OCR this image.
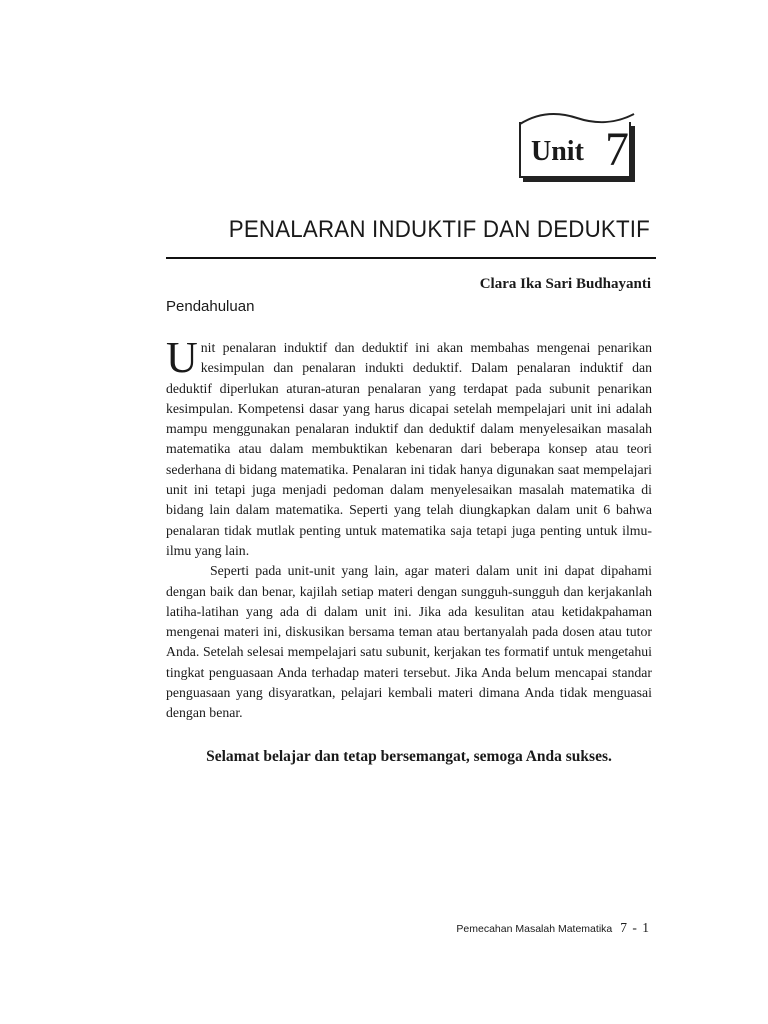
Unit 7
PENALARAN INDUKTIF DAN DEDUKTIF
Clara Ika Sari Budhayanti
Pendahuluan

Unit penalaran induktif dan deduktif ini akan membahas mengenai penarikan kesimpulan dan penalaran indukti deduktif. Dalam penalaran induktif dan deduktif diperlukan aturan-aturan penalaran yang terdapat pada subunit penarikan kesimpulan. Kompetensi dasar yang harus dicapai setelah mempelajari unit ini adalah mampu menggunakan penalaran induktif dan deduktif dalam menyelesaikan masalah matematika atau dalam membuktikan kebenaran dari beberapa konsep atau teori sederhana di bidang matematika. Penalaran ini tidak hanya digunakan saat mempelajari unit ini tetapi juga menjadi pedoman dalam menyelesaikan masalah matematika di bidang lain dalam matematika. Seperti yang telah diungkapkan dalam unit 6 bahwa penalaran tidak mutlak penting untuk matematika saja tetapi juga penting untuk ilmu-ilmu yang lain.

Seperti pada unit-unit yang lain, agar materi dalam unit ini dapat dipahami dengan baik dan benar, kajilah setiap materi dengan sungguh-sungguh dan kerjakanlah latiha-latihan yang ada di dalam unit ini. Jika ada kesulitan atau ketidakpahaman mengenai materi ini, diskusikan bersama teman atau bertanyalah pada dosen atau tutor Anda. Setelah selesai mempelajari satu subunit, kerjakan tes formatif untuk mengetahui tingkat penguasaan Anda terhadap materi tersebut. Jika Anda belum mencapai standar penguasaan yang disyaratkan, pelajari kembali materi dimana Anda tidak menguasai dengan benar.

Selamat belajar dan tetap bersemangat, semoga Anda sukses.
Pemecahan Masalah Matematika 7 - 1
